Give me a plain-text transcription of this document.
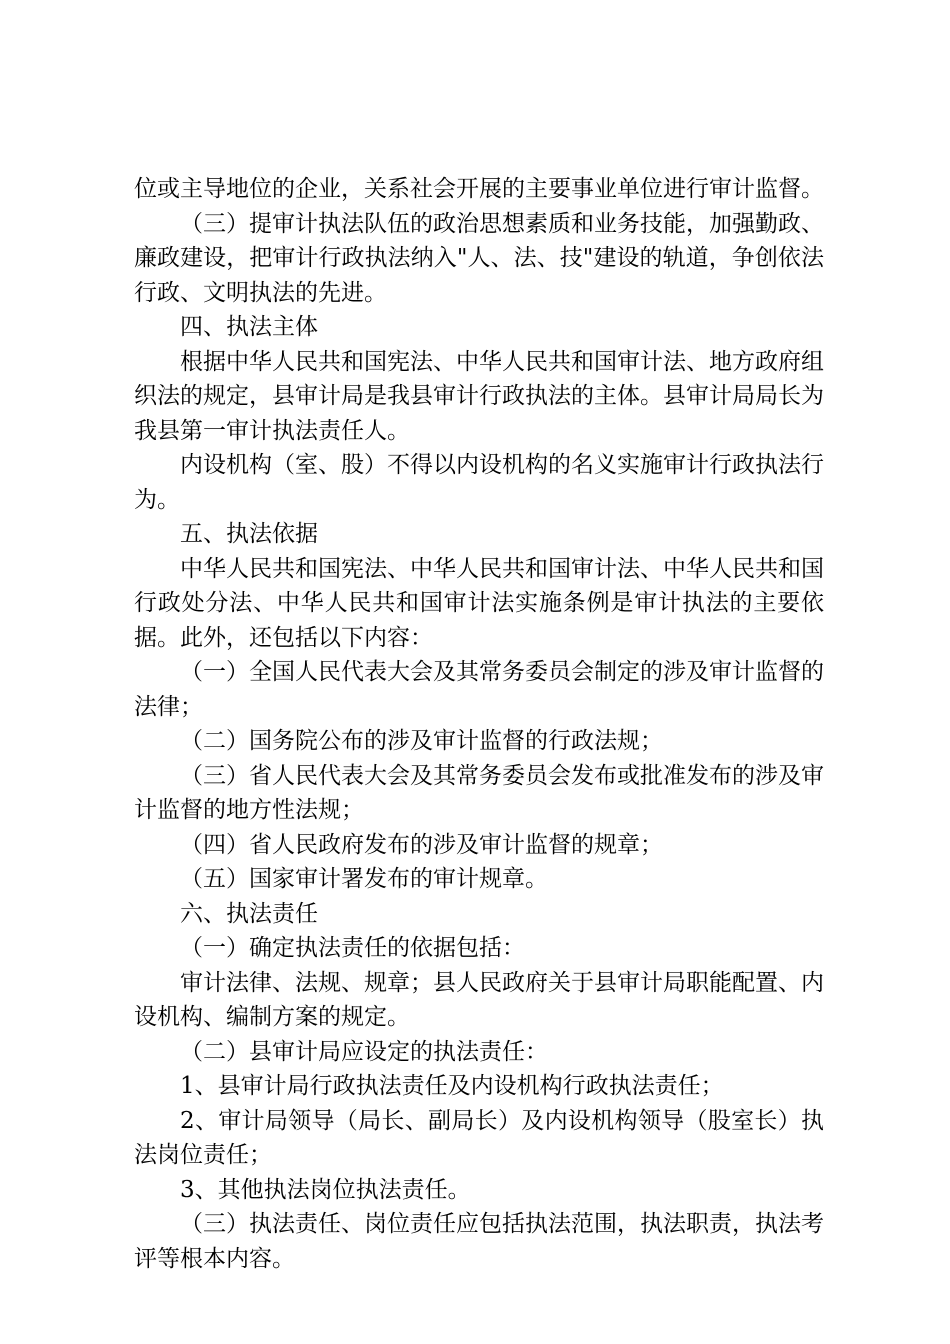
位或主导地位的企业，关系社会开展的主要事业单位进行审计监督。

（三）提审计执法队伍的政治思想素质和业务技能，加强勤政、廉政建设，把审计行政执法纳入"人、法、技"建设的轨道，争创依法行政、文明执法的先进。

四、执法主体

根据中华人民共和国宪法、中华人民共和国审计法、地方政府组织法的规定，县审计局是我县审计行政执法的主体。县审计局局长为我县第一审计执法责任人。

内设机构（室、股）不得以内设机构的名义实施审计行政执法行为。

五、执法依据

中华人民共和国宪法、中华人民共和国审计法、中华人民共和国行政处分法、中华人民共和国审计法实施条例是审计执法的主要依据。此外，还包括以下内容：

（一）全国人民代表大会及其常务委员会制定的涉及审计监督的法律；

（二）国务院公布的涉及审计监督的行政法规；

（三）省人民代表大会及其常务委员会发布或批准发布的涉及审计监督的地方性法规；

（四）省人民政府发布的涉及审计监督的规章；

（五）国家审计署发布的审计规章。

六、执法责任

（一）确定执法责任的依据包括：

审计法律、法规、规章；县人民政府关于县审计局职能配置、内设机构、编制方案的规定。

（二）县审计局应设定的执法责任：

1、县审计局行政执法责任及内设机构行政执法责任；

2、审计局领导（局长、副局长）及内设机构领导（股室长）执法岗位责任；

3、其他执法岗位执法责任。

（三）执法责任、岗位责任应包括执法范围，执法职责，执法考评等根本内容。
